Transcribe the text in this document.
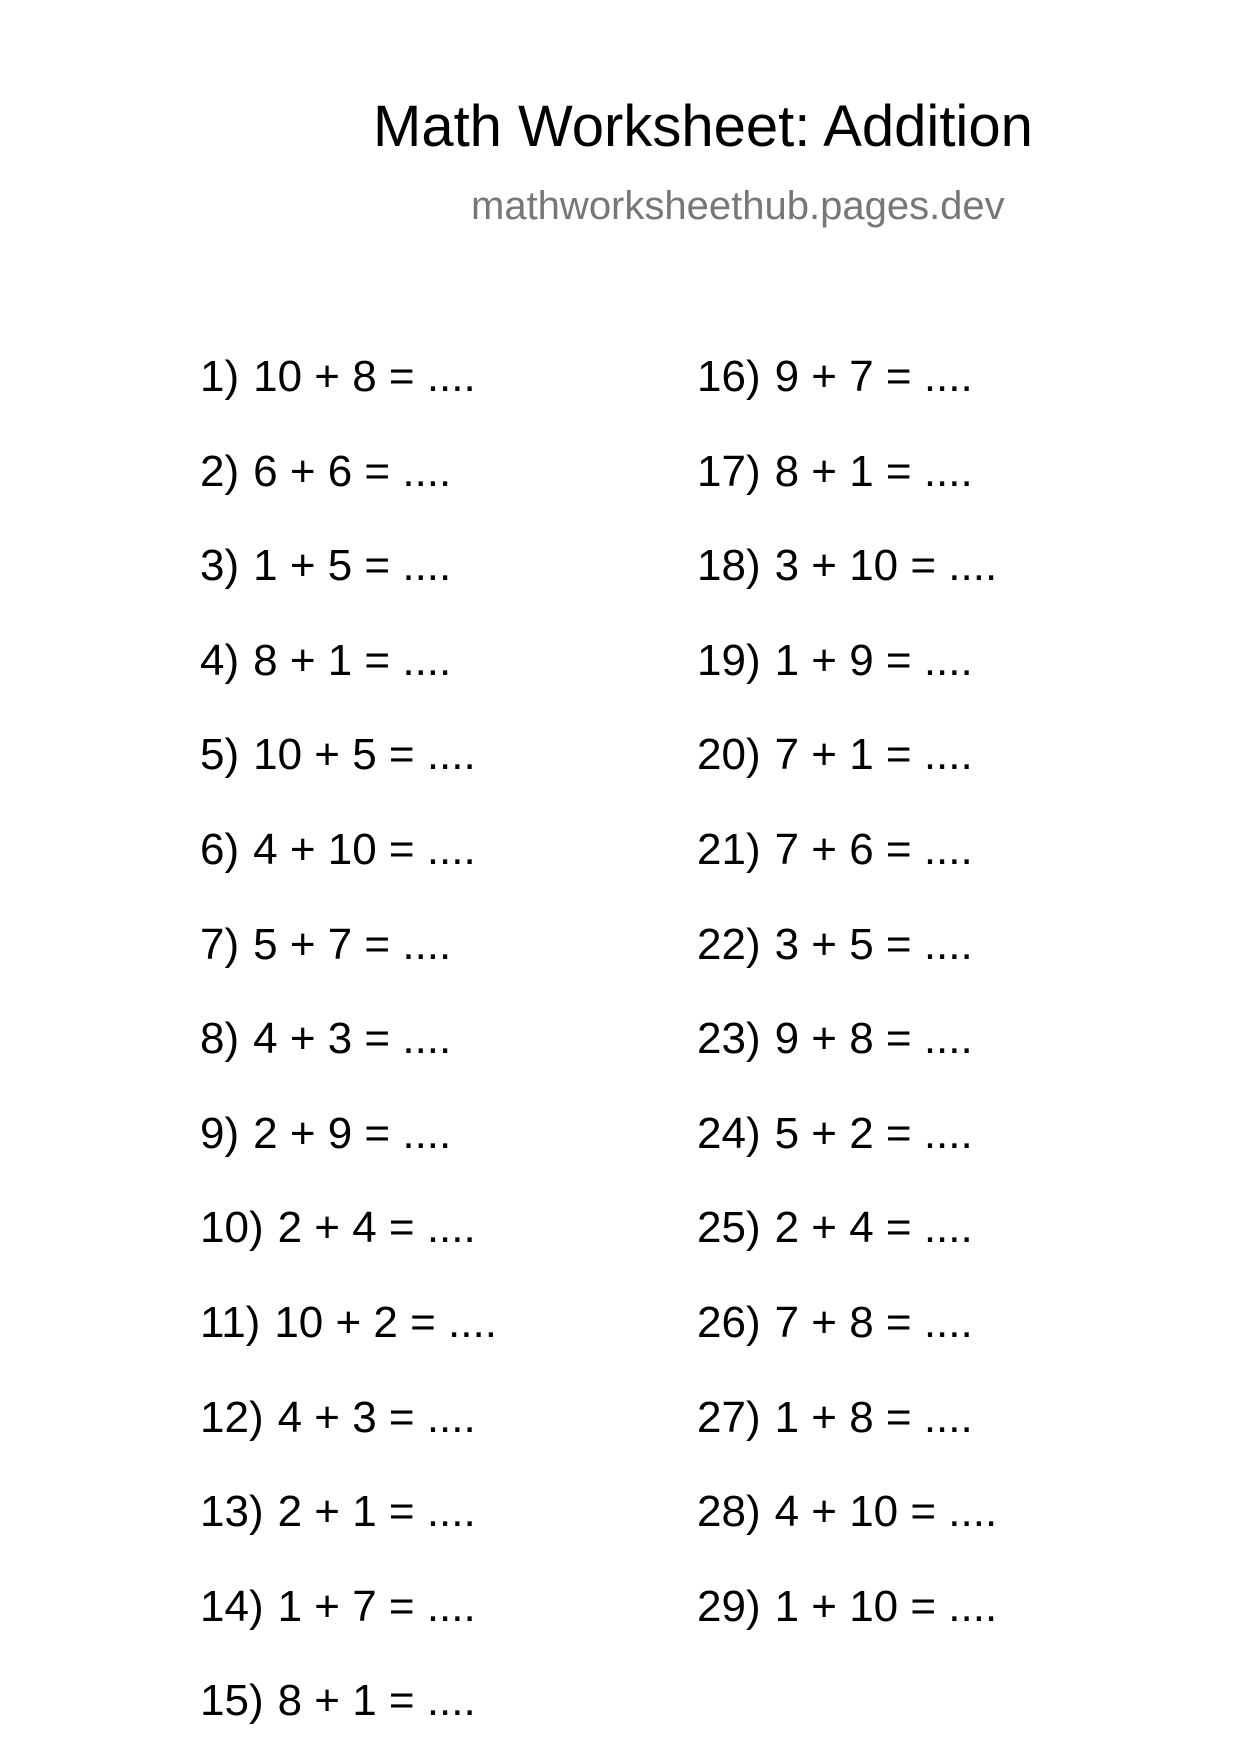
Math Worksheet: Addition
mathworksheethub.pages.dev
1) 10 + 8 = ....
2) 6 + 6 = ....
3) 1 + 5 = ....
4) 8 + 1 = ....
5) 10 + 5 = ....
6) 4 + 10 = ....
7) 5 + 7 = ....
8) 4 + 3 = ....
9) 2 + 9 = ....
10) 2 + 4 = ....
11) 10 + 2 = ....
12) 4 + 3 = ....
13) 2 + 1 = ....
14) 1 + 7 = ....
15) 8 + 1 = ....
16) 9 + 7 = ....
17) 8 + 1 = ....
18) 3 + 10 = ....
19) 1 + 9 = ....
20) 7 + 1 = ....
21) 7 + 6 = ....
22) 3 + 5 = ....
23) 9 + 8 = ....
24) 5 + 2 = ....
25) 2 + 4 = ....
26) 7 + 8 = ....
27) 1 + 8 = ....
28) 4 + 10 = ....
29) 1 + 10 = ....
